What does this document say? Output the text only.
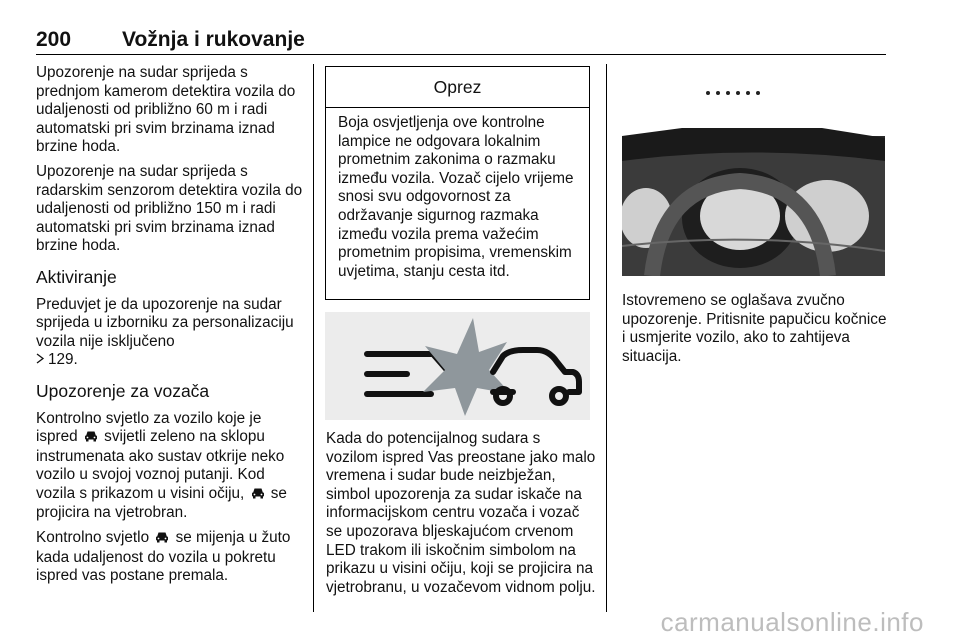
200 Vožnja i rukovanje

Upozorenje na sudar sprijeda s prednjom kamerom detektira vozila do udaljenosti od približno 60 m i radi automatski pri svim brzinama iznad brzine hoda.

Upozorenje na sudar sprijeda s radarskim senzorom detektira vozila do udaljenosti od približno 150 m i radi automatski pri svim brzinama iznad brzine hoda.

Aktiviranje

Preduvjet je da upozorenje na sudar sprijeda u izborniku za personalizaciju vozila nije isključeno
129.

Upozorenje za vozača

Kontrolno svjetlo za vozilo koje je ispred svijetli zeleno na sklopu instrumenata ako sustav otkrije neko vozilo u svojoj voznoj putanji. Kod vozila s prikazom u visini očiju, se projicira na vjetrobran.

Kontrolno svjetlo se mijenja u žuto kada udaljenost do vozila u pokretu ispred vas postane premala.

Oprez
Boja osvjetljenja ove kontrolne lampice ne odgovara lokalnim prometnim zakonima o razmaku između vozila. Vozač cijelo vrijeme snosi svu odgovornost za održavanje sigurnog razmaka između vozila prema važećim prometnim propisima, vremenskim uvjetima, stanju cesta itd.
Kada do potencijalnog sudara s vozilom ispred Vas preostane jako malo vremena i sudar bude neizbježan, simbol upozorenja za sudar iskače na informacijskom centru vozača i vozač se upozorava bljeskajućom crvenom LED trakom ili iskočnim simbolom na prikazu u visini očiju, koji se projicira na vjetrobranu, u vozačevom vidnom polju.
Istovremeno se oglašava zvučno upozorenje. Pritisnite papučicu kočnice i usmjerite vozilo, ako to zahtijeva situacija.
carmanualsonline.info
